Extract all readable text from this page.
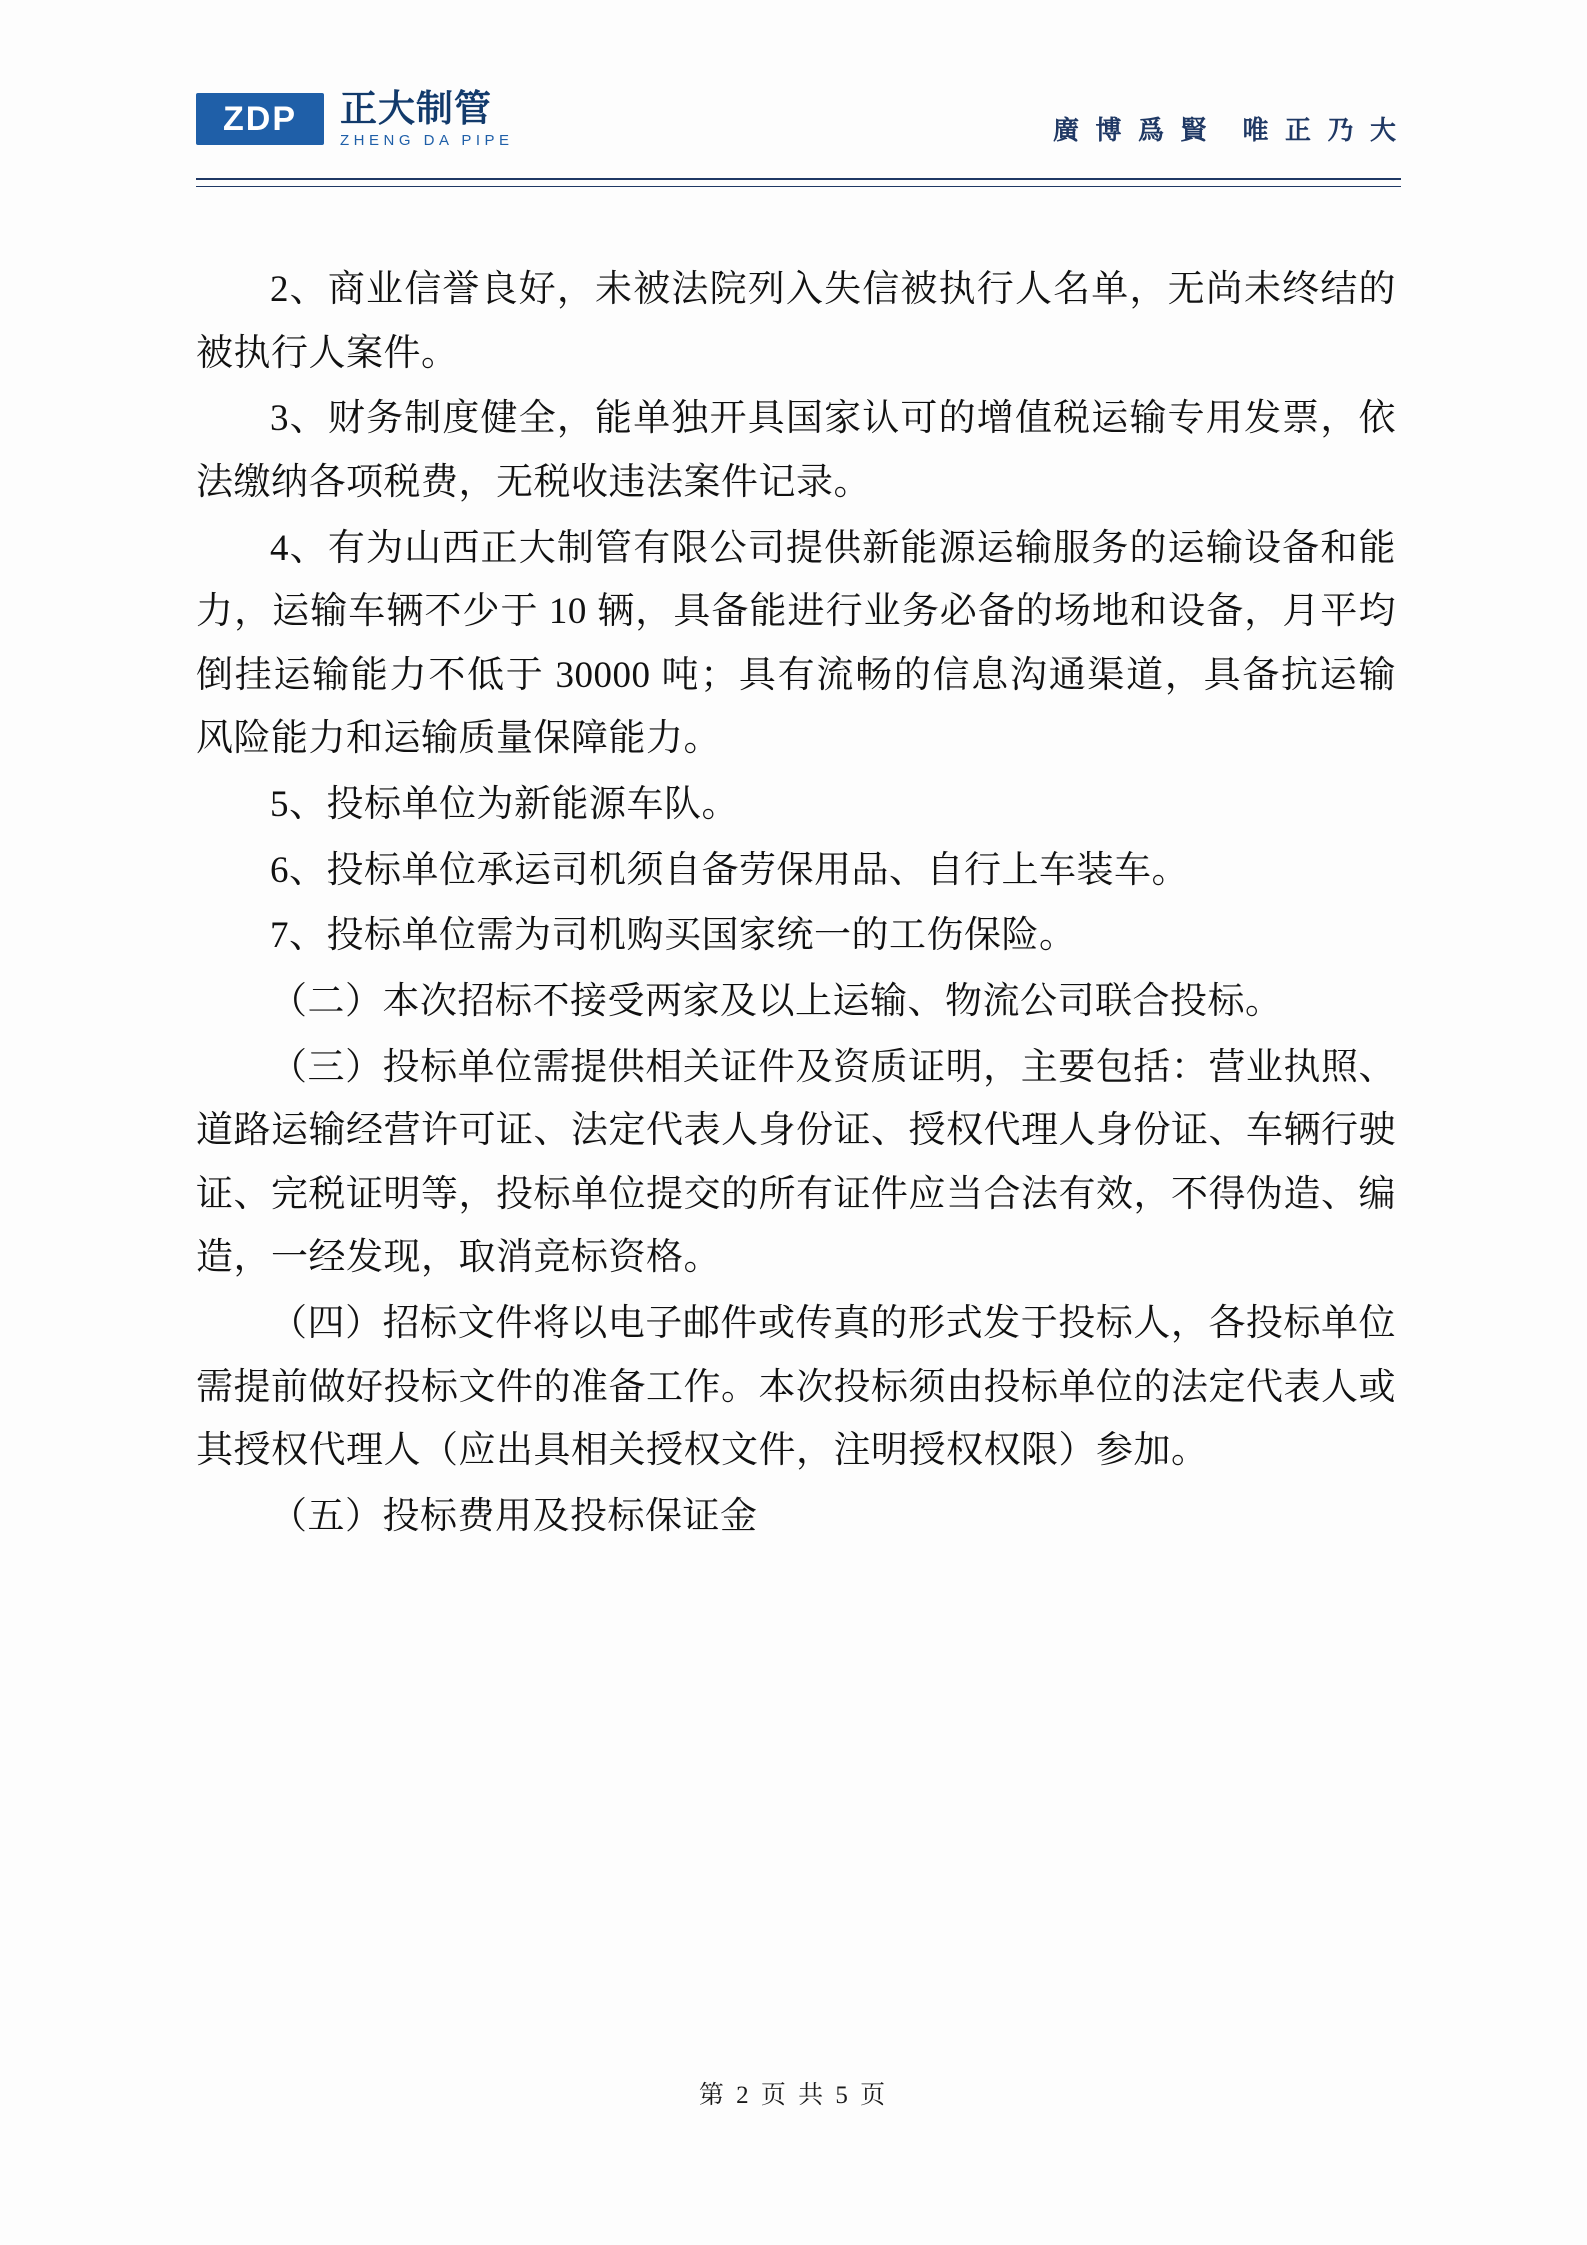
ZDP	正大制管
ZHENG DA PIPE	廣 博 爲 賢　唯 正 乃 大

2、商业信誉良好，未被法院列入失信被执行人名单，无尚未终结的被执行人案件。

3、财务制度健全，能单独开具国家认可的增值税运输专用发票，依法缴纳各项税费，无税收违法案件记录。

4、有为山西正大制管有限公司提供新能源运输服务的运输设备和能力，运输车辆不少于 10 辆，具备能进行业务必备的场地和设备，月平均倒挂运输能力不低于 30000 吨；具有流畅的信息沟通渠道，具备抗运输风险能力和运输质量保障能力。

5、投标单位为新能源车队。

6、投标单位承运司机须自备劳保用品、自行上车装车。

7、投标单位需为司机购买国家统一的工伤保险。

（二）本次招标不接受两家及以上运输、物流公司联合投标。

（三）投标单位需提供相关证件及资质证明，主要包括：营业执照、道路运输经营许可证、法定代表人身份证、授权代理人身份证、车辆行驶证、完税证明等，投标单位提交的所有证件应当合法有效，不得伪造、编造，一经发现，取消竞标资格。

（四）招标文件将以电子邮件或传真的形式发于投标人，各投标单位需提前做好投标文件的准备工作。本次投标须由投标单位的法定代表人或其授权代理人（应出具相关授权文件，注明授权权限）参加。

（五）投标费用及投标保证金

第 2 页 共 5 页
